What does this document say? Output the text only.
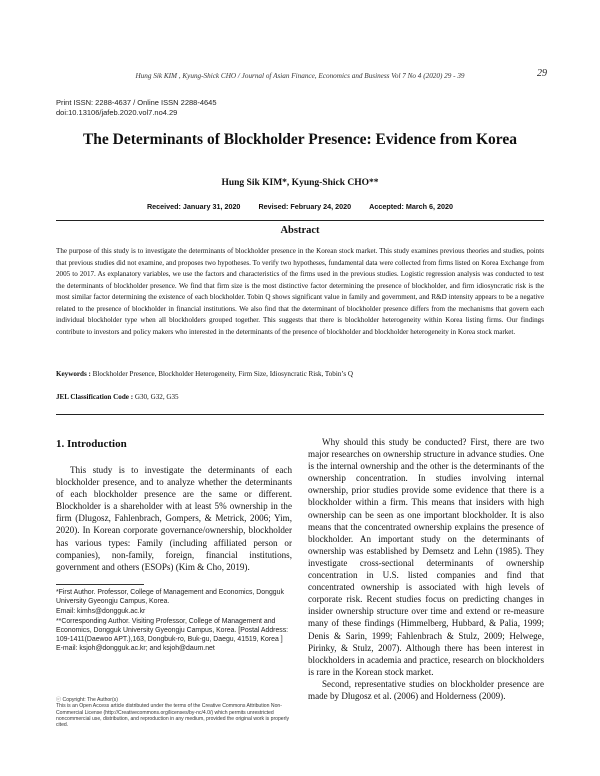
Hung Sik KIM , Kyung-Shick CHO / Journal of Asian Finance, Economics and Business Vol 7 No 4 (2020) 29 - 39	29
Print ISSN: 2288-4637 / Online ISSN 2288-4645
doi:10.13106/jafeb.2020.vol7.no4.29
The Determinants of Blockholder Presence: Evidence from Korea
Hung Sik KIM*, Kyung-Shick CHO**
Received: January 31, 2020	Revised: February 24, 2020	Accepted: March 6, 2020
Abstract
The purpose of this study is to investigate the determinants of blockholder presence in the Korean stock market. This study examines previous theories and studies, points that previous studies did not examine, and proposes two hypotheses. To verify two hypotheses, fundamental data were collected from firms listed on Korea Exchange from 2005 to 2017. As explanatory variables, we use the factors and characteristics of the firms used in the previous studies. Logistic regression analysis was conducted to test the determinants of blockholder presence. We find that firm size is the most distinctive factor determining the presence of blockholder, and firm idiosyncratic risk is the most similar factor determining the existence of each blockholder. Tobin Q shows significant value in family and government, and R&D intensity appears to be a negative related to the presence of blockholder in financial institutions. We also find that the determinant of blockholder presence differs from the mechanisms that govern each individual blockholder type when all blockholders grouped together. This suggests that there is blockholder heterogeneity within Korea listing firms. Our findings contribute to investors and policy makers who interested in the determinants of the presence of blockholder and blockholder heterogeneity in Korea stock market.
Keywords : Blockholder Presence, Blockholder Heterogeneity, Firm Size, Idiosyncratic Risk, Tobin’s Q
JEL Classification Code : G30, G32, G35
1. Introduction

This study is to investigate the determinants of each blockholder presence, and to analyze whether the determinants of each blockholder presence are the same or different. Blockholder is a shareholder with at least 5% ownership in the firm (Dlugosz, Fahlenbrach, Gompers, & Metrick, 2006; Yim, 2020). In Korean corporate governance/ownership, blockholder has various types: Family (including affiliated person or companies), non-family, foreign, financial institutions, government and others (ESOPs) (Kim & Cho, 2019).

Why should this study be conducted? First, there are two major researches on ownership structure in advance studies. One is the internal ownership and the other is the determinants of the ownership concentration. In studies involving internal ownership, prior studies provide some evidence that there is a blockholder within a firm. This means that insiders with high ownership can be seen as one important blockholder. It is also means that the concentrated ownership explains the presence of blockholder. An important study on the determinants of ownership was established by Demsetz and Lehn (1985). They investigate cross-sectional determinants of ownership concentration in U.S. listed companies and find that concentrated ownership is associated with high levels of corporate risk. Recent studies focus on predicting changes in insider ownership structure over time and extend or re-measure many of these findings (Himmelberg, Hubbard, & Palia, 1999; Denis & Sarin, 1999; Fahlenbrach & Stulz, 2009; Helwege, Pirinky, & Stulz, 2007). Although there has been interest in blockholders in academia and practice, research on blockholders is rare in the Korean stock market.

Second, representative studies on blockholder presence are made by Dlugosz et al. (2006) and Holderness (2009).

*First Author. Professor, College of Management and Economics, Dongguk University Gyeongju Campus, Korea.
Email: kimhs@dongguk.ac.kr
**Corresponding Author. Visiting Professor, College of Management and Economics, Dongguk University Gyeongju Campus, Korea. [Postal Address: 109-1411(Daewoo APT.),163, Dongbuk-ro, Buk-gu, Daegu, 41519, Korea ]
E-mail: ksjoh@dongguk.ac.kr; and ksjoh@daum.net
ⓒ Copyright: The Author(s)
This is an Open Access article distributed under the terms of the Creative Commons Attribution Non-Commercial License (http://Creativecommons.org/licenses/by-nc/4.0/) which permits unrestricted noncommercial use, distribution, and reproduction in any medium, provided the original work is properly cited.
